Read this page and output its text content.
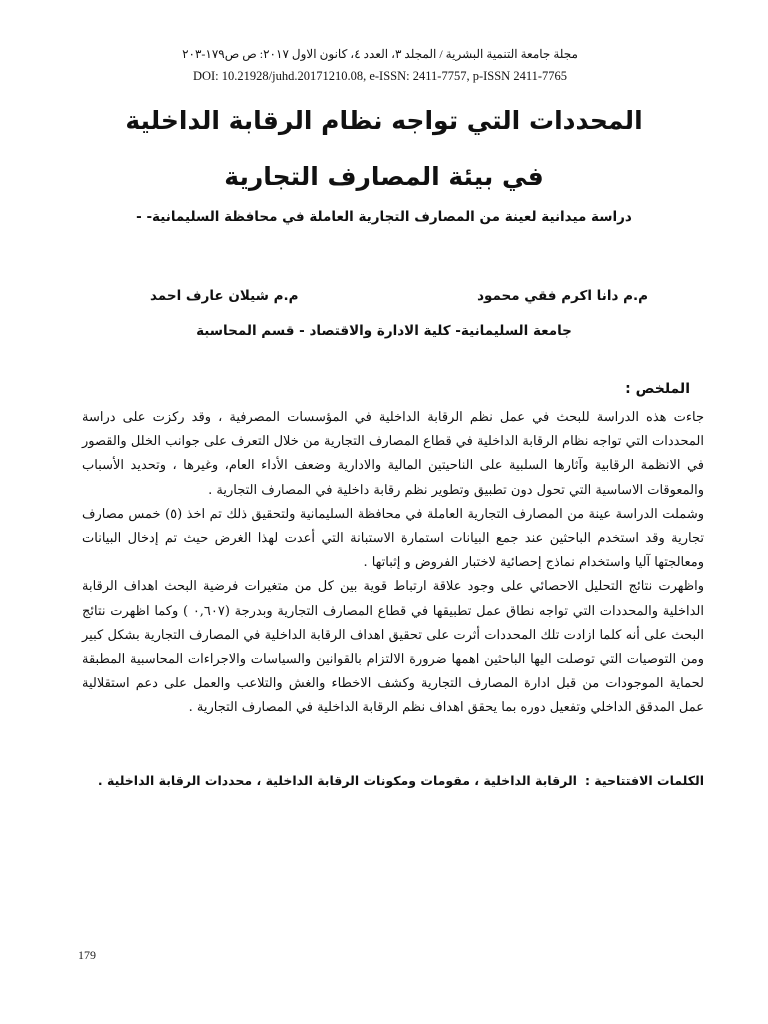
مجلة جامعة التنمية البشرية / المجلد ٣، العدد ٤، كانون الاول ٢٠١٧: ص ص١٧٩-٢٠٣
DOI: 10.21928/juhd.20171210.08, e-ISSN: 2411-7757, p-ISSN 2411-7765
المحددات التي تواجه نظام الرقابة الداخلية
في بيئة المصارف التجارية
دراسة ميدانية لعينة من المصارف التجارية العاملة في محافظة السليمانية- -
م.م دانا اكرم فقي محمود
م.م شيلان عارف احمد
جامعة السليمانية- كلية الادارة والاقتصاد - قسم المحاسبة
الملخص :

جاءت هذه الدراسة للبحث في عمل نظم الرقابة الداخلية في المؤسسات المصرفية ، وقد ركزت على دراسة المحددات التي تواجه نظام الرقابة الداخلية في قطاع المصارف التجارية من خلال التعرف على جوانب الخلل والقصور في الانظمة الرقابية وآثارها السلبية على الناحيتين المالية والادارية وضعف الأداء العام، وغيرها ، وتحديد الأسباب والمعوقات الاساسية التي تحول دون تطبيق وتطوير نظم رقابة داخلية في المصارف التجارية .

وشملت الدراسة عينة من المصارف التجارية العاملة في محافظة السليمانية ولتحقيق ذلك تم اخذ (٥) خمس مصارف تجارية وقد استخدم الباحثين عند جمع البيانات استمارة الاستبانة التي أعدت لهذا الغرض حيث تم إدخال البيانات ومعالجتها آليا واستخدام نماذج إحصائية لاختبار الفروض و إثباتها .

واظهرت نتائج التحليل الاحصائي على وجود علاقة ارتباط قوية بين كل من متغيرات فرضية البحث اهداف الرقابة الداخلية والمحددات التي تواجه نطاق عمل تطبيقها في قطاع المصارف التجارية وبدرجة (٠,٦٠٧ ) وكما اظهرت نتائج البحث على أنه كلما ازادت تلك المحددات أثرت على تحقيق اهداف الرقابة الداخلية في المصارف التجارية بشكل كبير ومن التوصيات التي توصلت اليها الباحثين اهمها ضرورة الالتزام بالقوانين والسياسات والاجراءات المحاسبية المطبقة لحماية الموجودات من قبل ادارة المصارف التجارية وكشف الاخطاء والغش والتلاعب والعمل على دعم استقلالية عمل المدقق الداخلي وتفعيل دوره بما يحقق اهداف نظم الرقابة الداخلية في المصارف التجارية .

الكلمات الافتتاحية :الرقابة الداخلية ، مقومات ومكونات الرقابة الداخلية ، محددات الرقابة الداخلية .
179
